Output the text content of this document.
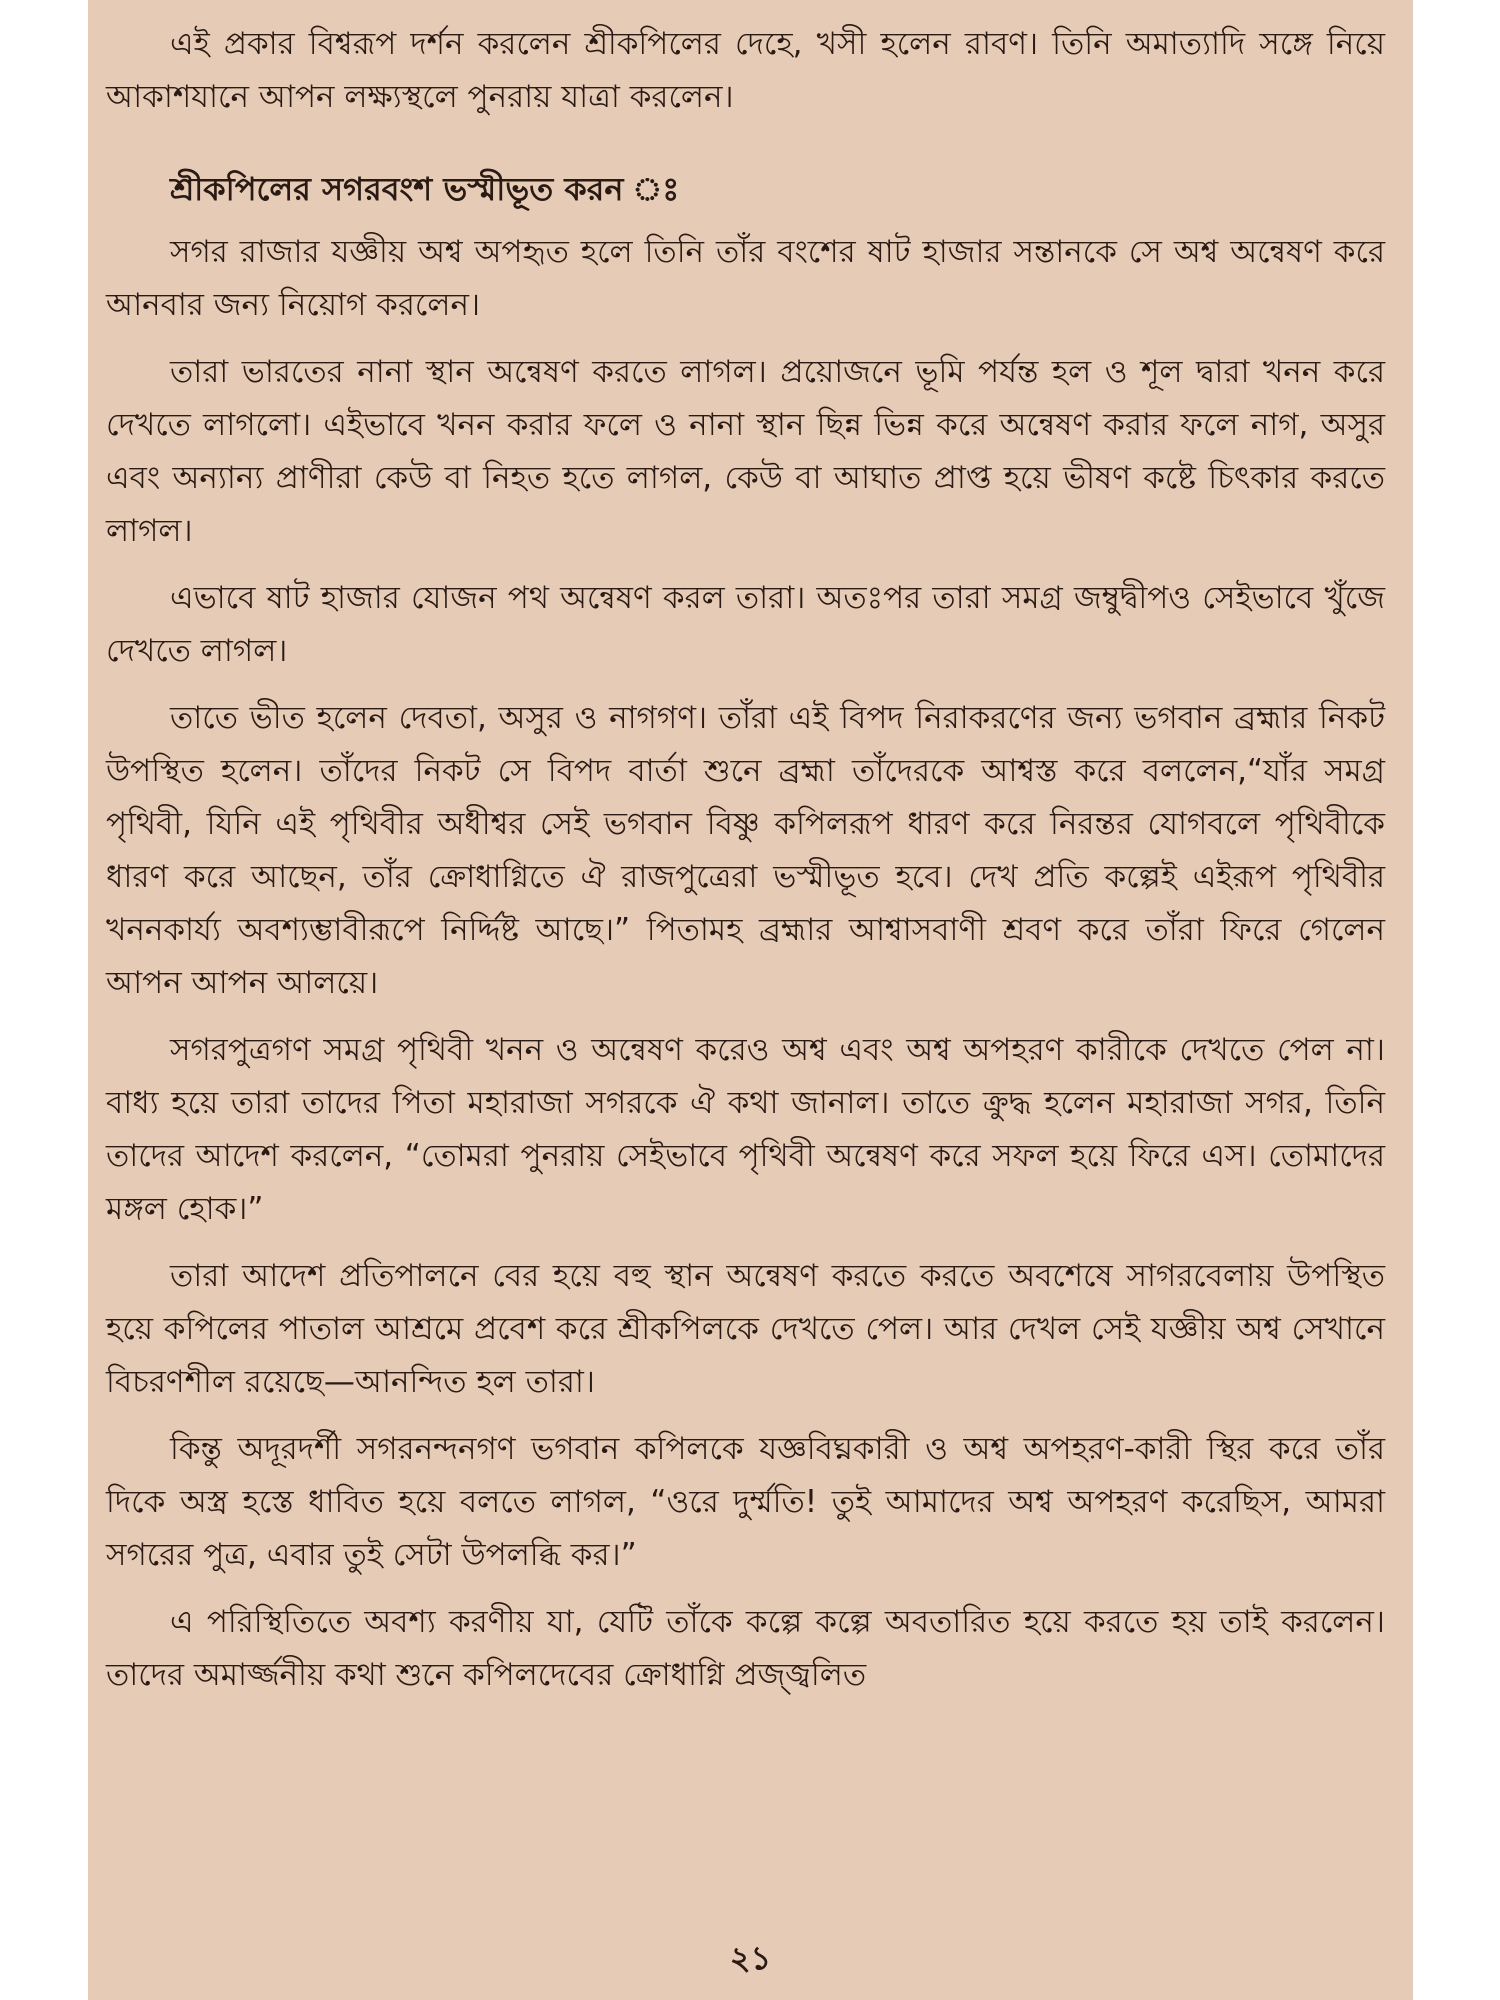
এই প্রকার বিশ্বরূপ দর্শন করলেন শ্রীকপিলের দেহে, খসী হলেন রাবণ। তিনি অমাত্যাদি সঙ্গে নিয়ে আকাশযানে আপন লক্ষ্যস্থলে পুনরায় যাত্রা করলেন।

শ্রীকপিলের সগরবংশ ভস্মীভূত করন ঃ

সগর রাজার যজ্ঞীয় অশ্ব অপহৃত হলে তিনি তাঁর বংশের ষাট হাজার সন্তানকে সে অশ্ব অন্বেষণ করে আনবার জন্য নিয়োগ করলেন।

তারা ভারতের নানা স্থান অন্বেষণ করতে লাগল। প্রয়োজনে ভূমি পর্যন্ত হল ও শূল দ্বারা খনন করে দেখতে লাগলো। এইভাবে খনন করার ফলে ও নানা স্থান ছিন্ন ভিন্ন করে অন্বেষণ করার ফলে নাগ, অসুর এবং অন্যান্য প্রাণীরা কেউ বা নিহত হতে লাগল, কেউ বা আঘাত প্রাপ্ত হয়ে ভীষণ কষ্টে চিৎকার করতে লাগল।

এভাবে ষাট হাজার যোজন পথ অন্বেষণ করল তারা। অতঃপর তারা সমগ্র জম্বুদ্বীপও সেইভাবে খুঁজে দেখতে লাগল।

তাতে ভীত হলেন দেবতা, অসুর ও নাগগণ। তাঁরা এই বিপদ নিরাকরণের জন্য ভগবান ব্রহ্মার নিকট উপস্থিত হলেন। তাঁদের নিকট সে বিপদ বার্তা শুনে ব্রহ্মা তাঁদেরকে আশ্বস্ত করে বললেন,“যাঁর সমগ্র পৃথিবী, যিনি এই পৃথিবীর অধীশ্বর সেই ভগবান বিষ্ণু কপিলরূপ ধারণ করে নিরন্তর যোগবলে পৃথিবীকে ধারণ করে আছেন, তাঁর ক্রোধাগ্নিতে ঐ রাজপুত্রেরা ভস্মীভূত হবে। দেখ প্রতি কল্পেই এইরূপ পৃথিবীর খননকার্য্য অবশ্যম্ভাবীরূপে নির্দ্দিষ্ট আছে।” পিতামহ ব্রহ্মার আশ্বাসবাণী শ্রবণ করে তাঁরা ফিরে গেলেন আপন আপন আলয়ে।

সগরপুত্রগণ সমগ্র পৃথিবী খনন ও অন্বেষণ করেও অশ্ব এবং অশ্ব অপহরণ কারীকে দেখতে পেল না। বাধ্য হয়ে তারা তাদের পিতা মহারাজা সগরকে ঐ কথা জানাল। তাতে ক্রুদ্ধ হলেন মহারাজা সগর, তিনি তাদের আদেশ করলেন, “তোমরা পুনরায় সেইভাবে পৃথিবী অন্বেষণ করে সফল হয়ে ফিরে এস। তোমাদের মঙ্গল হোক।”

তারা আদেশ প্রতিপালনে বের হয়ে বহু স্থান অন্বেষণ করতে করতে অবশেষে সাগরবেলায় উপস্থিত হয়ে কপিলের পাতাল আশ্রমে প্রবেশ করে শ্রীকপিলকে দেখতে পেল। আর দেখল সেই যজ্ঞীয় অশ্ব সেখানে বিচরণশীল রয়েছে—আনন্দিত হল তারা।

কিন্তু অদূরদর্শী সগরনন্দনগণ ভগবান কপিলকে যজ্ঞবিঘ্নকারী ও অশ্ব অপহরণ-কারী স্থির করে তাঁর দিকে অস্ত্র হস্তে ধাবিত হয়ে বলতে লাগল, “ওরে দুর্ম্মতি! তুই আমাদের অশ্ব অপহরণ করেছিস, আমরা সগরের পুত্র, এবার তুই সেটা উপলব্ধি কর।”

এ পরিস্থিতিতে অবশ্য করণীয় যা, যেটি তাঁকে কল্পে কল্পে অবতারিত হয়ে করতে হয় তাই করলেন। তাদের অমার্জ্জনীয় কথা শুনে কপিলদেবের ক্রোধাগ্নি প্রজ্জ্বলিত

২১
